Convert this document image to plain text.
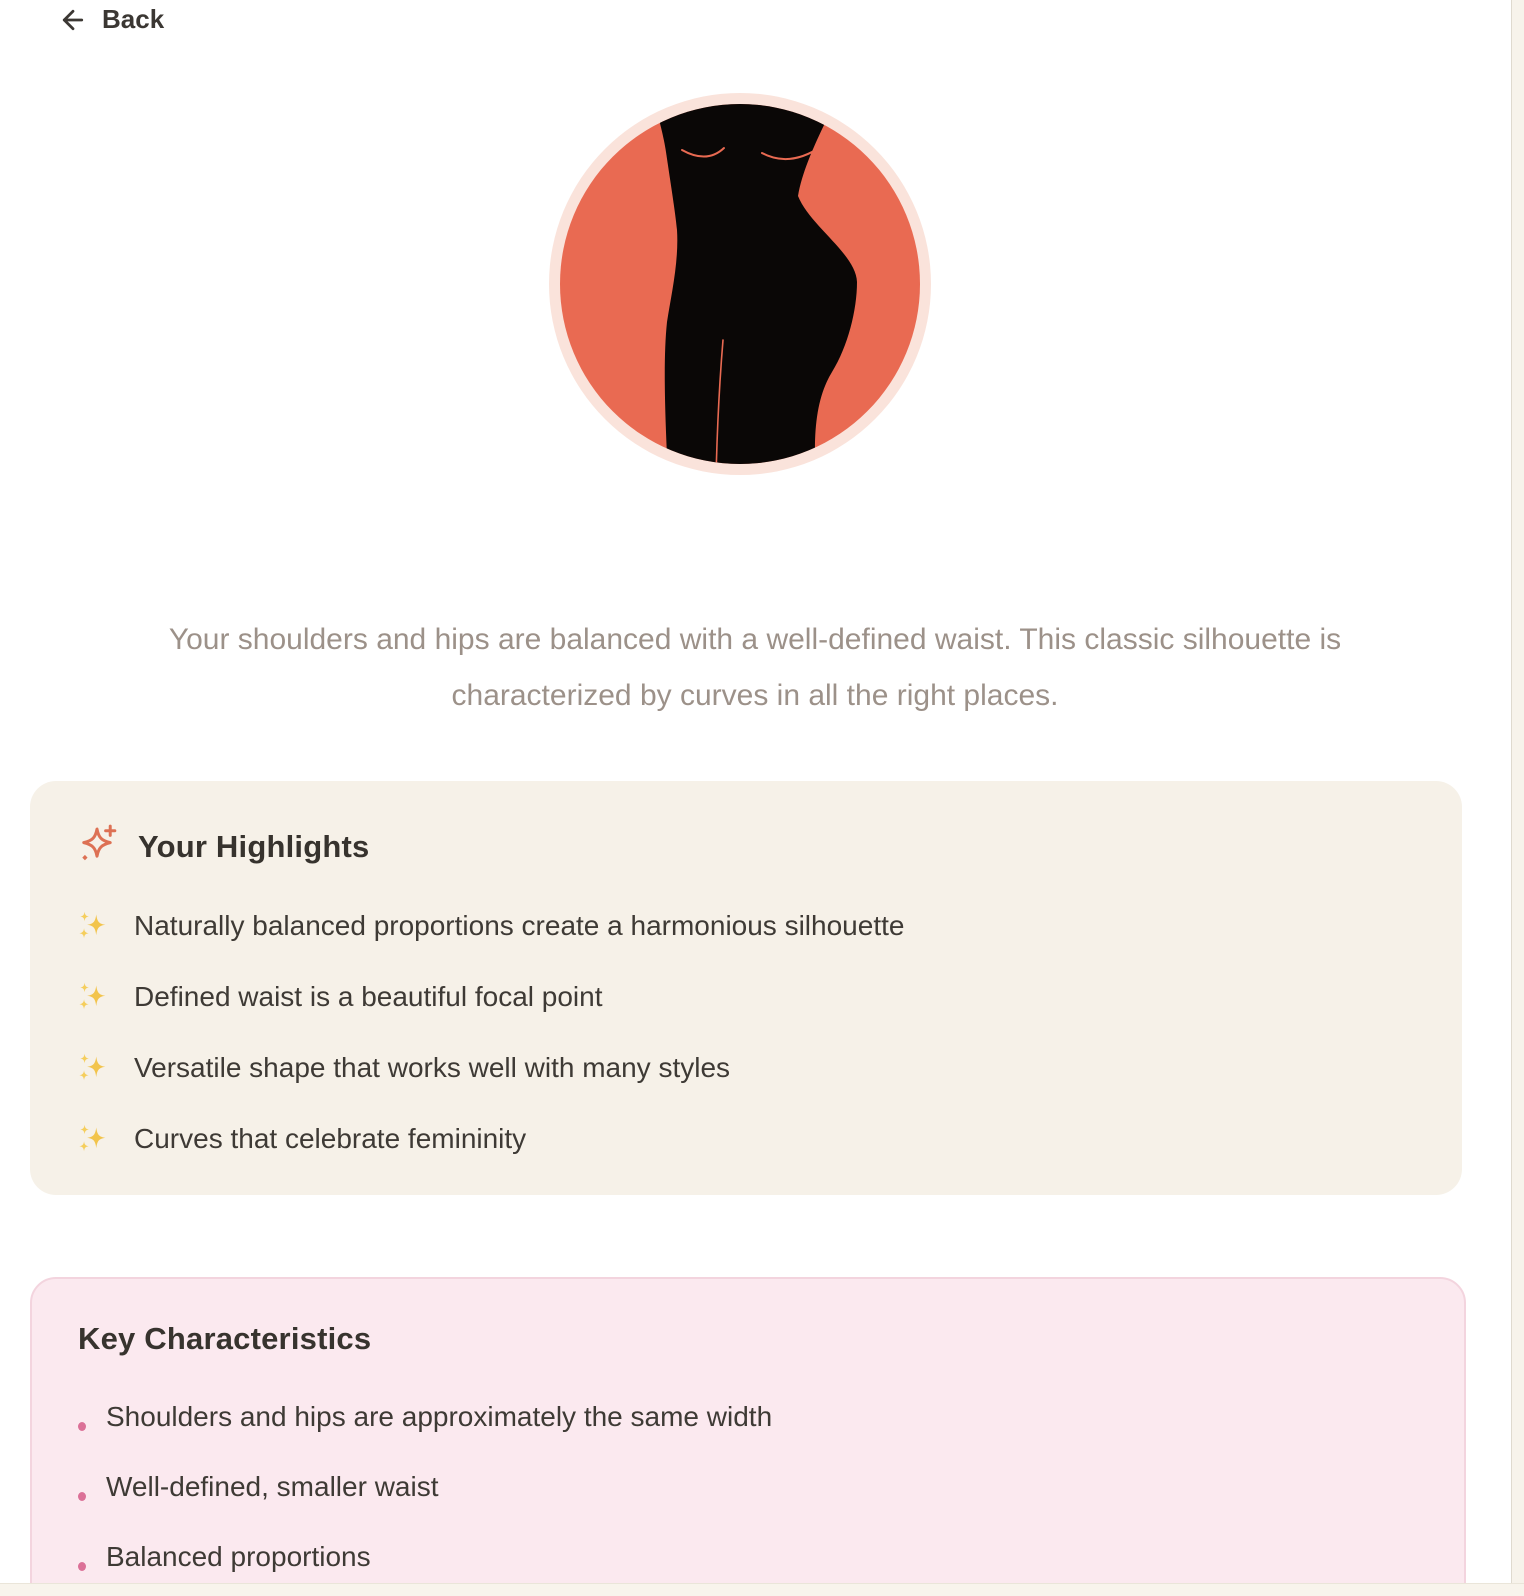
Back
Your shoulders and hips are balanced with a well-defined waist. This classic silhouette is
characterized by curves in all the right places.
Your Highlights
Naturally balanced proportions create a harmonious silhouette
Defined waist is a beautiful focal point
Versatile shape that works well with many styles
Curves that celebrate femininity
Key Characteristics
Shoulders and hips are approximately the same width
Well-defined, smaller waist
Balanced proportions
